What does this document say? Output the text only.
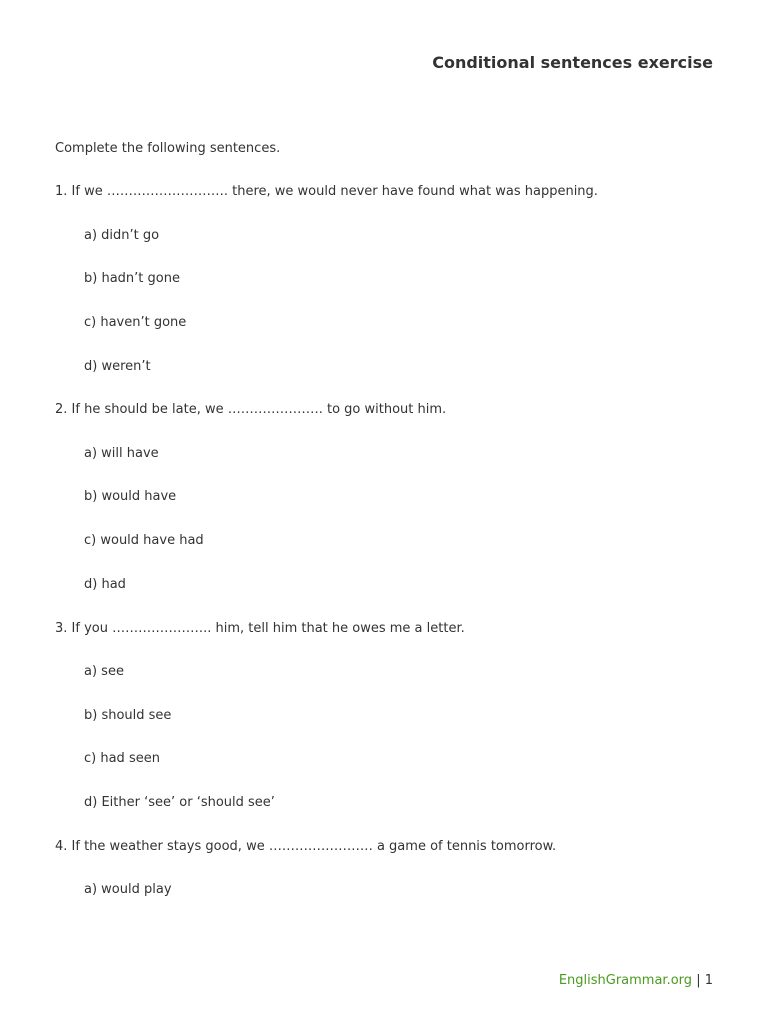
Conditional sentences exercise

Complete the following sentences.

1. If we ………………………. there, we would never have found what was happening.

a) didn’t go

b) hadn’t gone

c) haven’t gone

d) weren’t

2. If he should be late, we …………………. to go without him.

a) will have

b) would have

c) would have had

d) had

3. If you ………………….. him, tell him that he owes me a letter.

a) see

b) should see

c) had seen

d) Either ‘see’ or ‘should see’

4. If the weather stays good, we …………………… a game of tennis tomorrow.

a) would play

EnglishGrammar.org | 1
